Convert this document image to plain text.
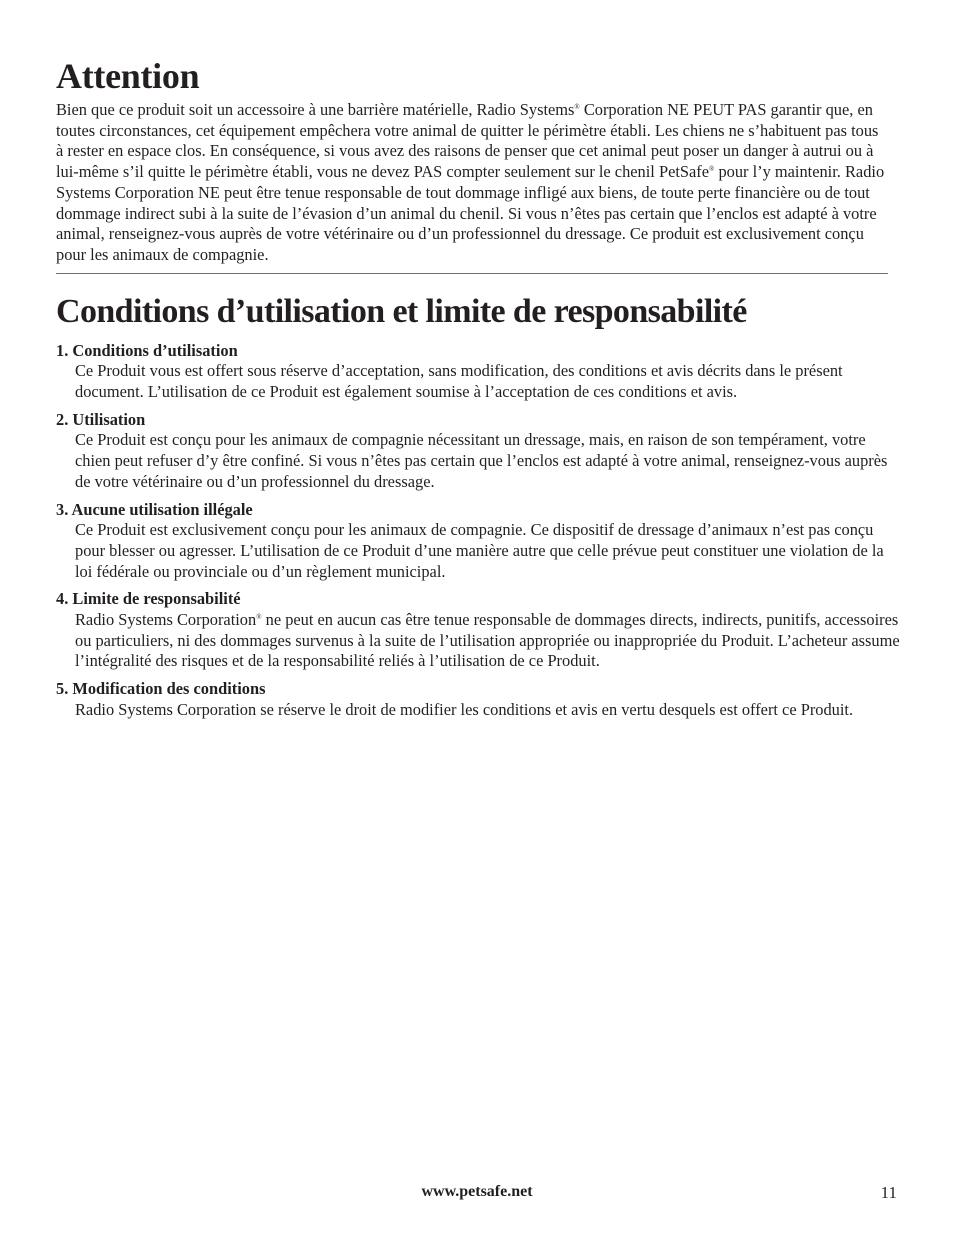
Attention

Bien que ce produit soit un accessoire à une barrière matérielle, Radio Systems® Corporation NE PEUT PAS garantir que, en toutes circonstances, cet équipement empêchera votre animal de quitter le périmètre établi. Les chiens ne s’habituent pas tous à rester en espace clos. En conséquence, si vous avez des raisons de penser que cet animal peut poser un danger à autrui ou à lui-même s’il quitte le périmètre établi, vous ne devez PAS compter seulement sur le chenil PetSafe® pour l’y maintenir. Radio Systems Corporation NE peut être tenue responsable de tout dommage infligé aux biens, de toute perte financière ou de tout dommage indirect subi à la suite de l’évasion d’un animal du chenil. Si vous n’êtes pas certain que l’enclos est adapté à votre animal, renseignez-vous auprès de votre vétérinaire ou d’un professionnel du dressage. Ce produit est exclusivement conçu pour les animaux de compagnie.

Conditions d’utilisation et limite de responsabilité
1. Conditions d’utilisation

Ce Produit vous est offert sous réserve d’acceptation, sans modification, des conditions et avis décrits dans le présent document. L’utilisation de ce Produit est également soumise à l’acceptation de ces conditions et avis.

2. Utilisation

Ce Produit est conçu pour les animaux de compagnie nécessitant un dressage, mais, en raison de son tempérament, votre chien peut refuser d’y être confiné. Si vous n’êtes pas certain que l’enclos est adapté à votre animal, renseignez-vous auprès de votre vétérinaire ou d’un professionnel du dressage.

3. Aucune utilisation illégale

Ce Produit est exclusivement conçu pour les animaux de compagnie. Ce dispositif de dressage d’animaux n’est pas conçu pour blesser ou agresser. L’utilisation de ce Produit d’une manière autre que celle prévue peut constituer une violation de la loi fédérale ou provinciale ou d’un règlement municipal.

4. Limite de responsabilité

Radio Systems Corporation® ne peut en aucun cas être tenue responsable de dommages directs, indirects, punitifs, accessoires ou particuliers, ni des dommages survenus à la suite de l’utilisation appropriée ou inappropriée du Produit. L’acheteur assume l’intégralité des risques et de la responsabilité reliés à l’utilisation de ce Produit.

5. Modification des conditions

Radio Systems Corporation se réserve le droit de modifier les conditions et avis en vertu desquels est offert ce Produit.

www.petsafe.net	11
